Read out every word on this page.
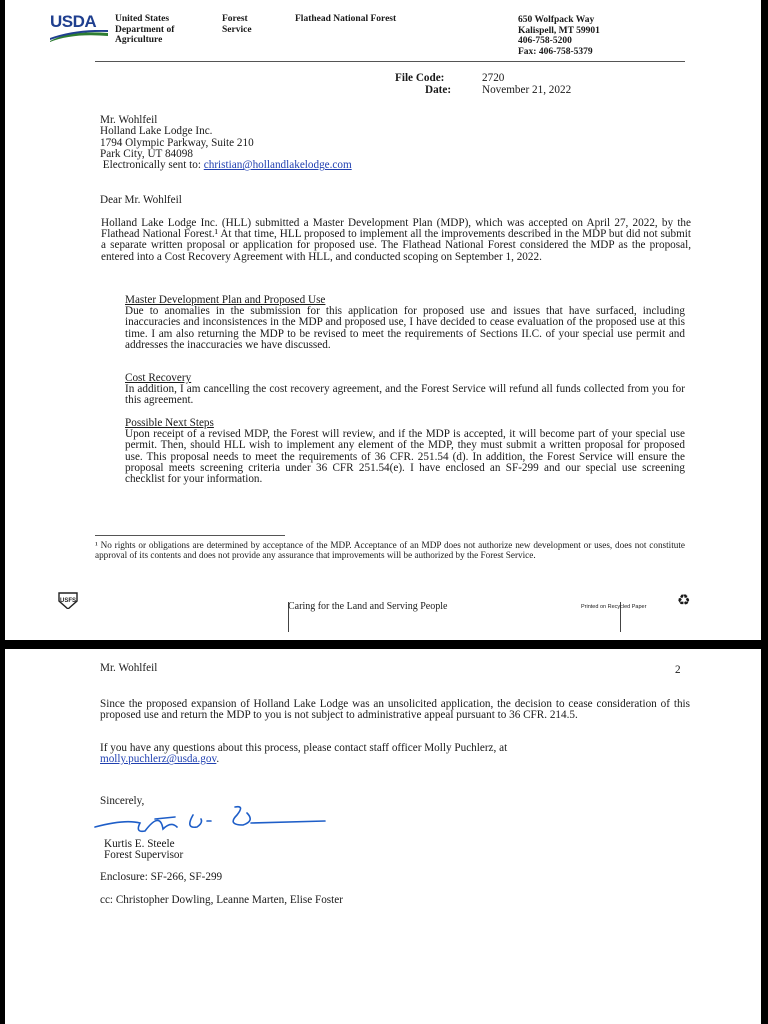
USDA United States
Department of
Agriculture
Forest
Service
Flathead National Forest	650 Wolfpack Way
Kalispell, MT 59901
406-758-5200
Fax: 406-758-5379
File Code:	2720
Date:	November 21, 2022
Mr. Wohlfeil
Holland Lake Lodge Inc.
1794 Olympic Parkway, Suite 210
Park City, UT 84098
Electronically sent to: christian@hollandlakelodge.com
Dear Mr. Wohlfeil
Holland Lake Lodge Inc. (HLL) submitted a Master Development Plan (MDP), which was accepted on April 27, 2022, by the Flathead National Forest.¹ At that time, HLL proposed to implement all the improvements described in the MDP but did not submit a separate written proposal or application for proposed use. The Flathead National Forest considered the MDP as the proposal, entered into a Cost Recovery Agreement with HLL, and conducted scoping on September 1, 2022.
Master Development Plan and Proposed Use
Due to anomalies in the submission for this application for proposed use and issues that have surfaced, including inaccuracies and inconsistences in the MDP and proposed use, I have decided to cease evaluation of the proposed use at this time. I am also returning the MDP to be revised to meet the requirements of Sections II.C. of your special use permit and addresses the inaccuracies we have discussed.
Cost Recovery
In addition, I am cancelling the cost recovery agreement, and the Forest Service will refund all funds collected from you for this agreement.
Possible Next Steps
Upon receipt of a revised MDP, the Forest will review, and if the MDP is accepted, it will become part of your special use permit. Then, should HLL wish to implement any element of the MDP, they must submit a written proposal for proposed use. This proposal needs to meet the requirements of 36 CFR. 251.54 (d). In addition, the Forest Service will ensure the proposal meets screening criteria under 36 CFR 251.54(e). I have enclosed an SF-299 and our special use screening checklist for your information.
¹ No rights or obligations are determined by acceptance of the MDP. Acceptance of an MDP does not authorize new development or uses, does not constitute approval of its contents and does not provide any assurance that improvements will be authorized by the Forest Service.
USFS	Caring for the Land and Serving People	Printed on Recycled Paper ♻
Mr. Wohlfeil	2
Since the proposed expansion of Holland Lake Lodge was an unsolicited application, the decision to cease consideration of this proposed use and return the MDP to you is not subject to administrative appeal pursuant to 36 CFR. 214.5.
If you have any questions about this process, please contact staff officer Molly Puchlerz, at
molly.puchlerz@usda.gov.
Sincerely,
Kurtis E. Steele
Forest Supervisor
Enclosure: SF-266, SF-299
cc: Christopher Dowling, Leanne Marten, Elise Foster
